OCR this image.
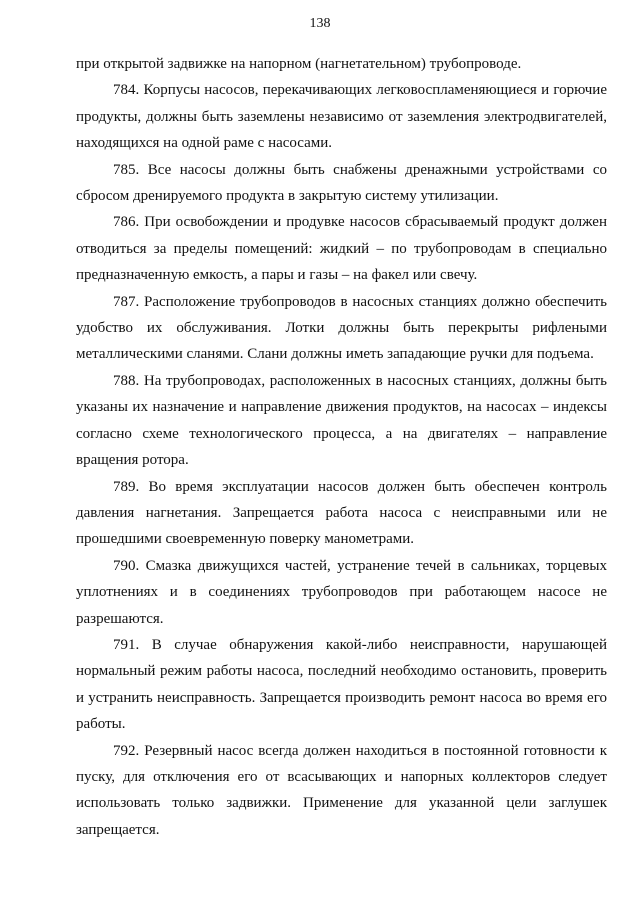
138

при открытой задвижке на напорном (нагнетательном) трубопроводе.

784. Корпусы насосов, перекачивающих легковоспламеняющиеся и горючие продукты, должны быть заземлены независимо от заземления электродвигателей, находящихся на одной раме с насосами.

785. Все насосы должны быть снабжены дренажными устройствами со сбросом дренируемого продукта в закрытую систему утилизации.

786. При освобождении и продувке насосов сбрасываемый продукт должен отводиться за пределы помещений: жидкий – по трубопроводам в специально предназначенную емкость, а пары и газы – на факел или свечу.

787. Расположение трубопроводов в насосных станциях должно обеспечить удобство их обслуживания. Лотки должны быть перекрыты рифлеными металлическими сланями. Слани должны иметь западающие ручки для подъема.

788. На трубопроводах, расположенных в насосных станциях, должны быть указаны их назначение и направление движения продуктов, на насосах – индексы согласно схеме технологического процесса, а на двигателях – направление вращения ротора.

789. Во время эксплуатации насосов должен быть обеспечен контроль давления нагнетания. Запрещается работа насоса с неисправными или не прошедшими своевременную поверку манометрами.

790. Смазка движущихся частей, устранение течей в сальниках, торцевых уплотнениях и в соединениях трубопроводов при работающем насосе не разрешаются.

791. В случае обнаружения какой-либо неисправности, нарушающей нормальный режим работы насоса, последний необходимо остановить, проверить и устранить неисправность. Запрещается производить ремонт насоса во время его работы.

792. Резервный насос всегда должен находиться в постоянной готовности к пуску, для отключения его от всасывающих и напорных коллекторов следует использовать только задвижки. Применение для указанной цели заглушек запрещается.
